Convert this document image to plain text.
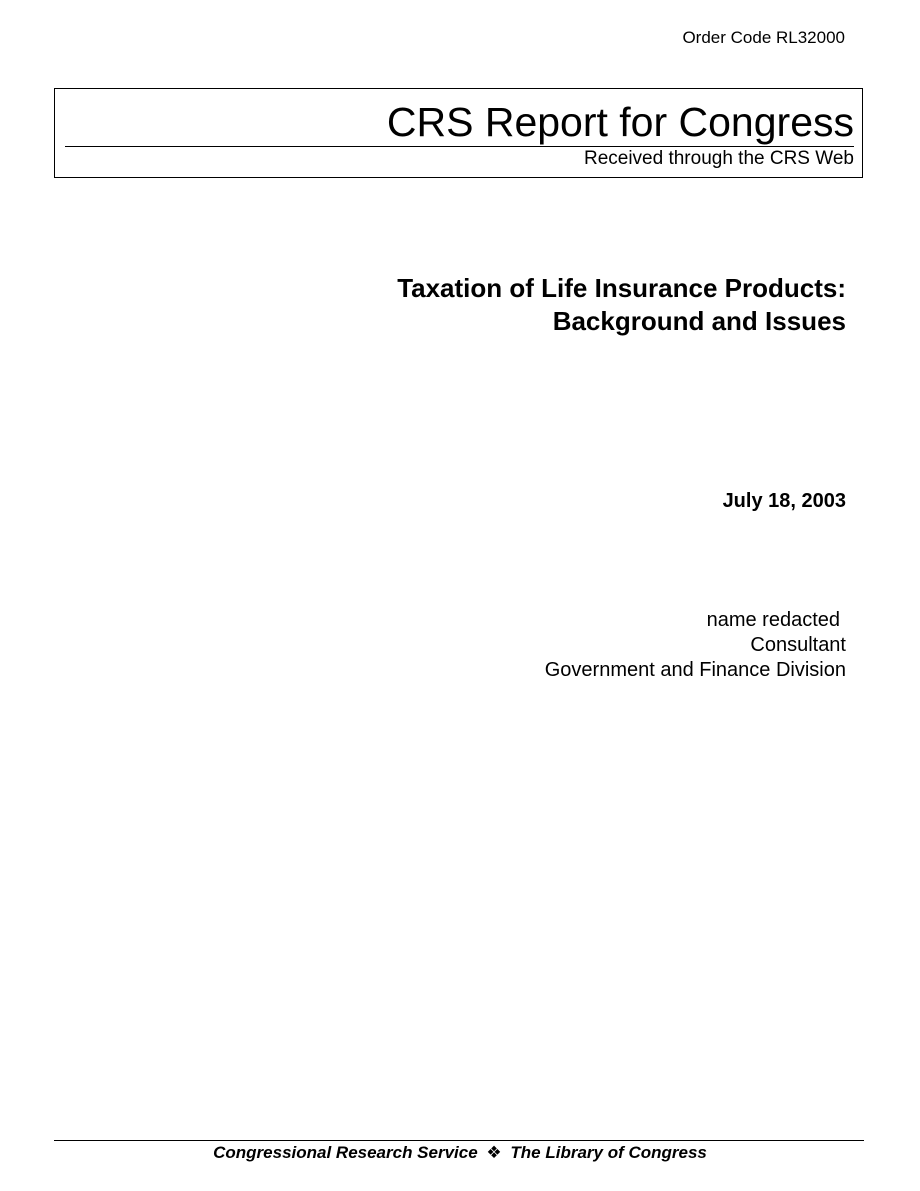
Order Code RL32000
CRS Report for Congress
Received through the CRS Web
Taxation of Life Insurance Products:
Background and Issues
July 18, 2003
name redacted
Consultant
Government and Finance Division
Congressional Research Service ❖ The Library of Congress
